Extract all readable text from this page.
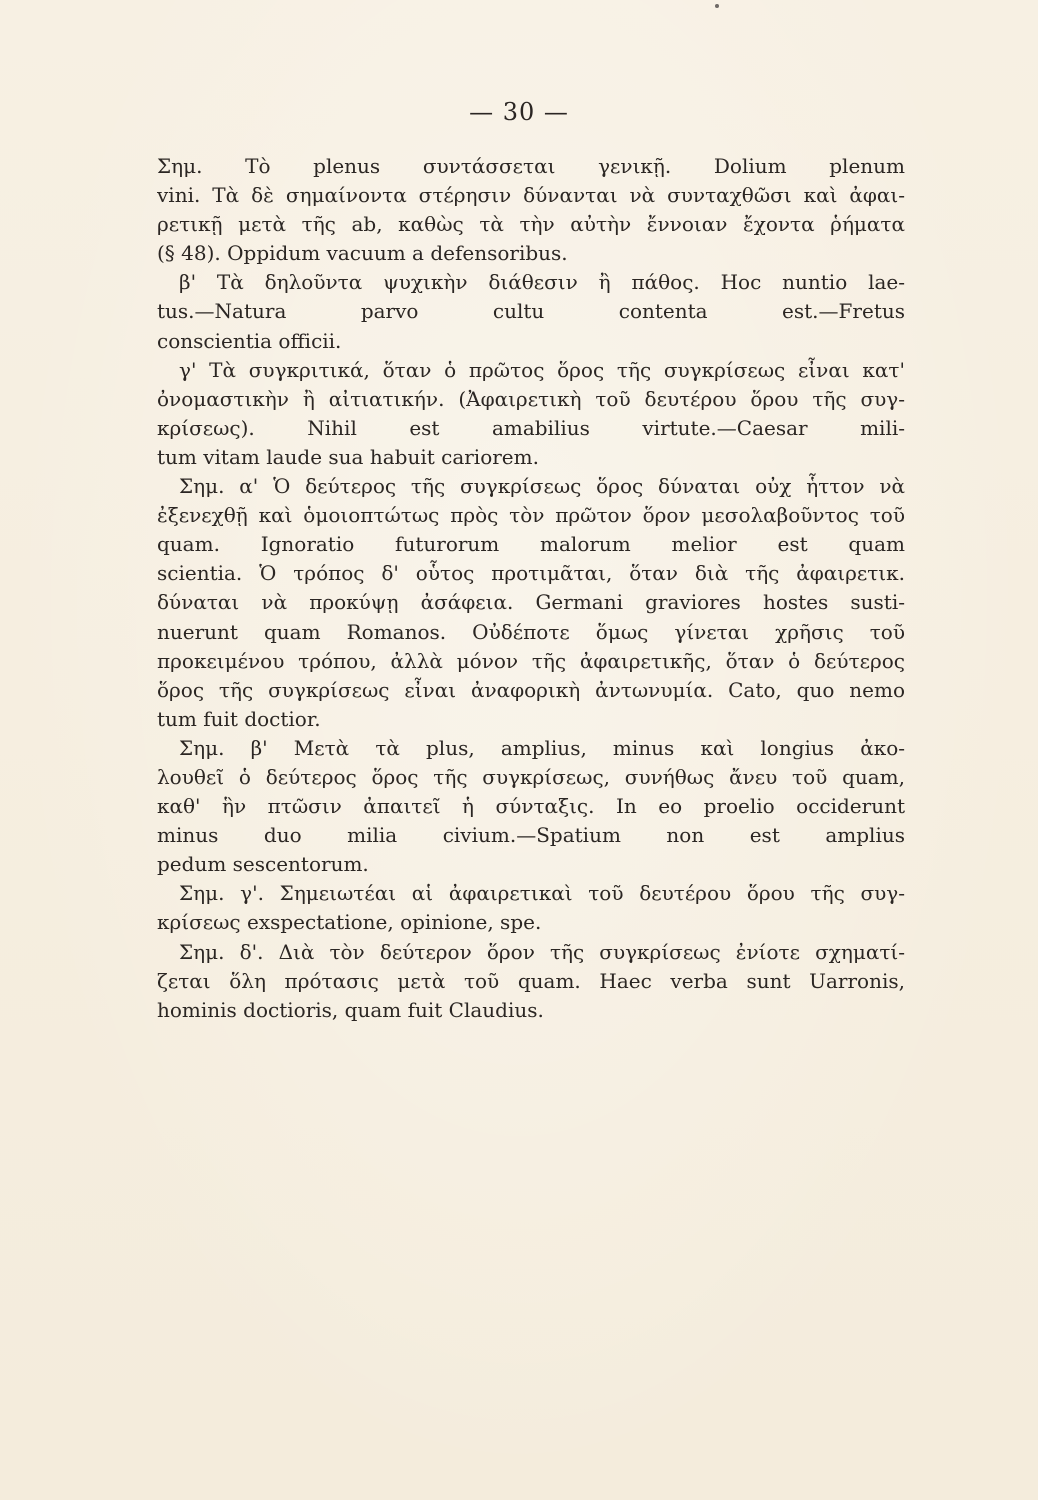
— 30 —
Σημ. Τὸ plenus συντάσσεται γενικῇ. Dolium plenum
vini. Τὰ δὲ σημαίνοντα στέρησιν δύνανται νὰ συνταχθῶσι καὶ ἀφαι-
ρετικῇ μετὰ τῆς ab, καθὼς τὰ τὴν αὐτὴν ἔννοιαν ἔχοντα ῥήματα
(§ 48). Oppidum vacuum a defensoribus.
β' Τὰ δηλοῦντα ψυχικὴν διάθεσιν ἢ πάθος. Hoc nuntio lae-
tus.—Natura parvo cultu contenta est.—Fretus
conscientia officii.
γ' Τὰ συγκριτικά, ὅταν ὁ πρῶτος ὅρος τῆς συγκρίσεως εἶναι κατ'
ὀνομαστικὴν ἢ αἰτιατικήν. (Ἀφαιρετικὴ τοῦ δευτέρου ὅρου τῆς συγ-
κρίσεως). Nihil est amabilius virtute.—Caesar mili-
tum vitam laude sua habuit cariorem.
Σημ. α' Ὁ δεύτερος τῆς συγκρίσεως ὅρος δύναται οὐχ ἧττον νὰ
ἐξενεχθῇ καὶ ὁμοιοπτώτως πρὸς τὸν πρῶτον ὅρον μεσολαβοῦντος τοῦ
quam. Ignoratio futurorum malorum melior est quam
scientia. Ὁ τρόπος δ' οὗτος προτιμᾶται, ὅταν διὰ τῆς ἀφαιρετικ.
δύναται νὰ προκύψῃ ἀσάφεια. Germani graviores hostes susti-
nuerunt quam Romanos. Οὐδέποτε ὅμως γίνεται χρῆσις τοῦ
προκειμένου τρόπου, ἀλλὰ μόνον τῆς ἀφαιρετικῆς, ὅταν ὁ δεύτερος
ὅρος τῆς συγκρίσεως εἶναι ἀναφορικὴ ἀντωνυμία. Cato, quo nemo
tum fuit doctior.
Σημ. β' Μετὰ τὰ plus, amplius, minus καὶ longius ἀκο-
λουθεῖ ὁ δεύτερος ὅρος τῆς συγκρίσεως, συνήθως ἄνευ τοῦ quam,
καθ' ἣν πτῶσιν ἀπαιτεῖ ἡ σύνταξις. In eo proelio occiderunt
minus duo milia civium.—Spatium non est amplius
pedum sescentorum.
Σημ. γ'. Σημειωτέαι αἱ ἀφαιρετικαὶ τοῦ δευτέρου ὅρου τῆς συγ-
κρίσεως exspectatione, opinione, spe.
Σημ. δ'. Διὰ τὸν δεύτερον ὅρον τῆς συγκρίσεως ἐνίοτε σχηματί-
ζεται ὅλη πρότασις μετὰ τοῦ quam. Haec verba sunt Uarronis,
hominis doctioris, quam fuit Claudius.
